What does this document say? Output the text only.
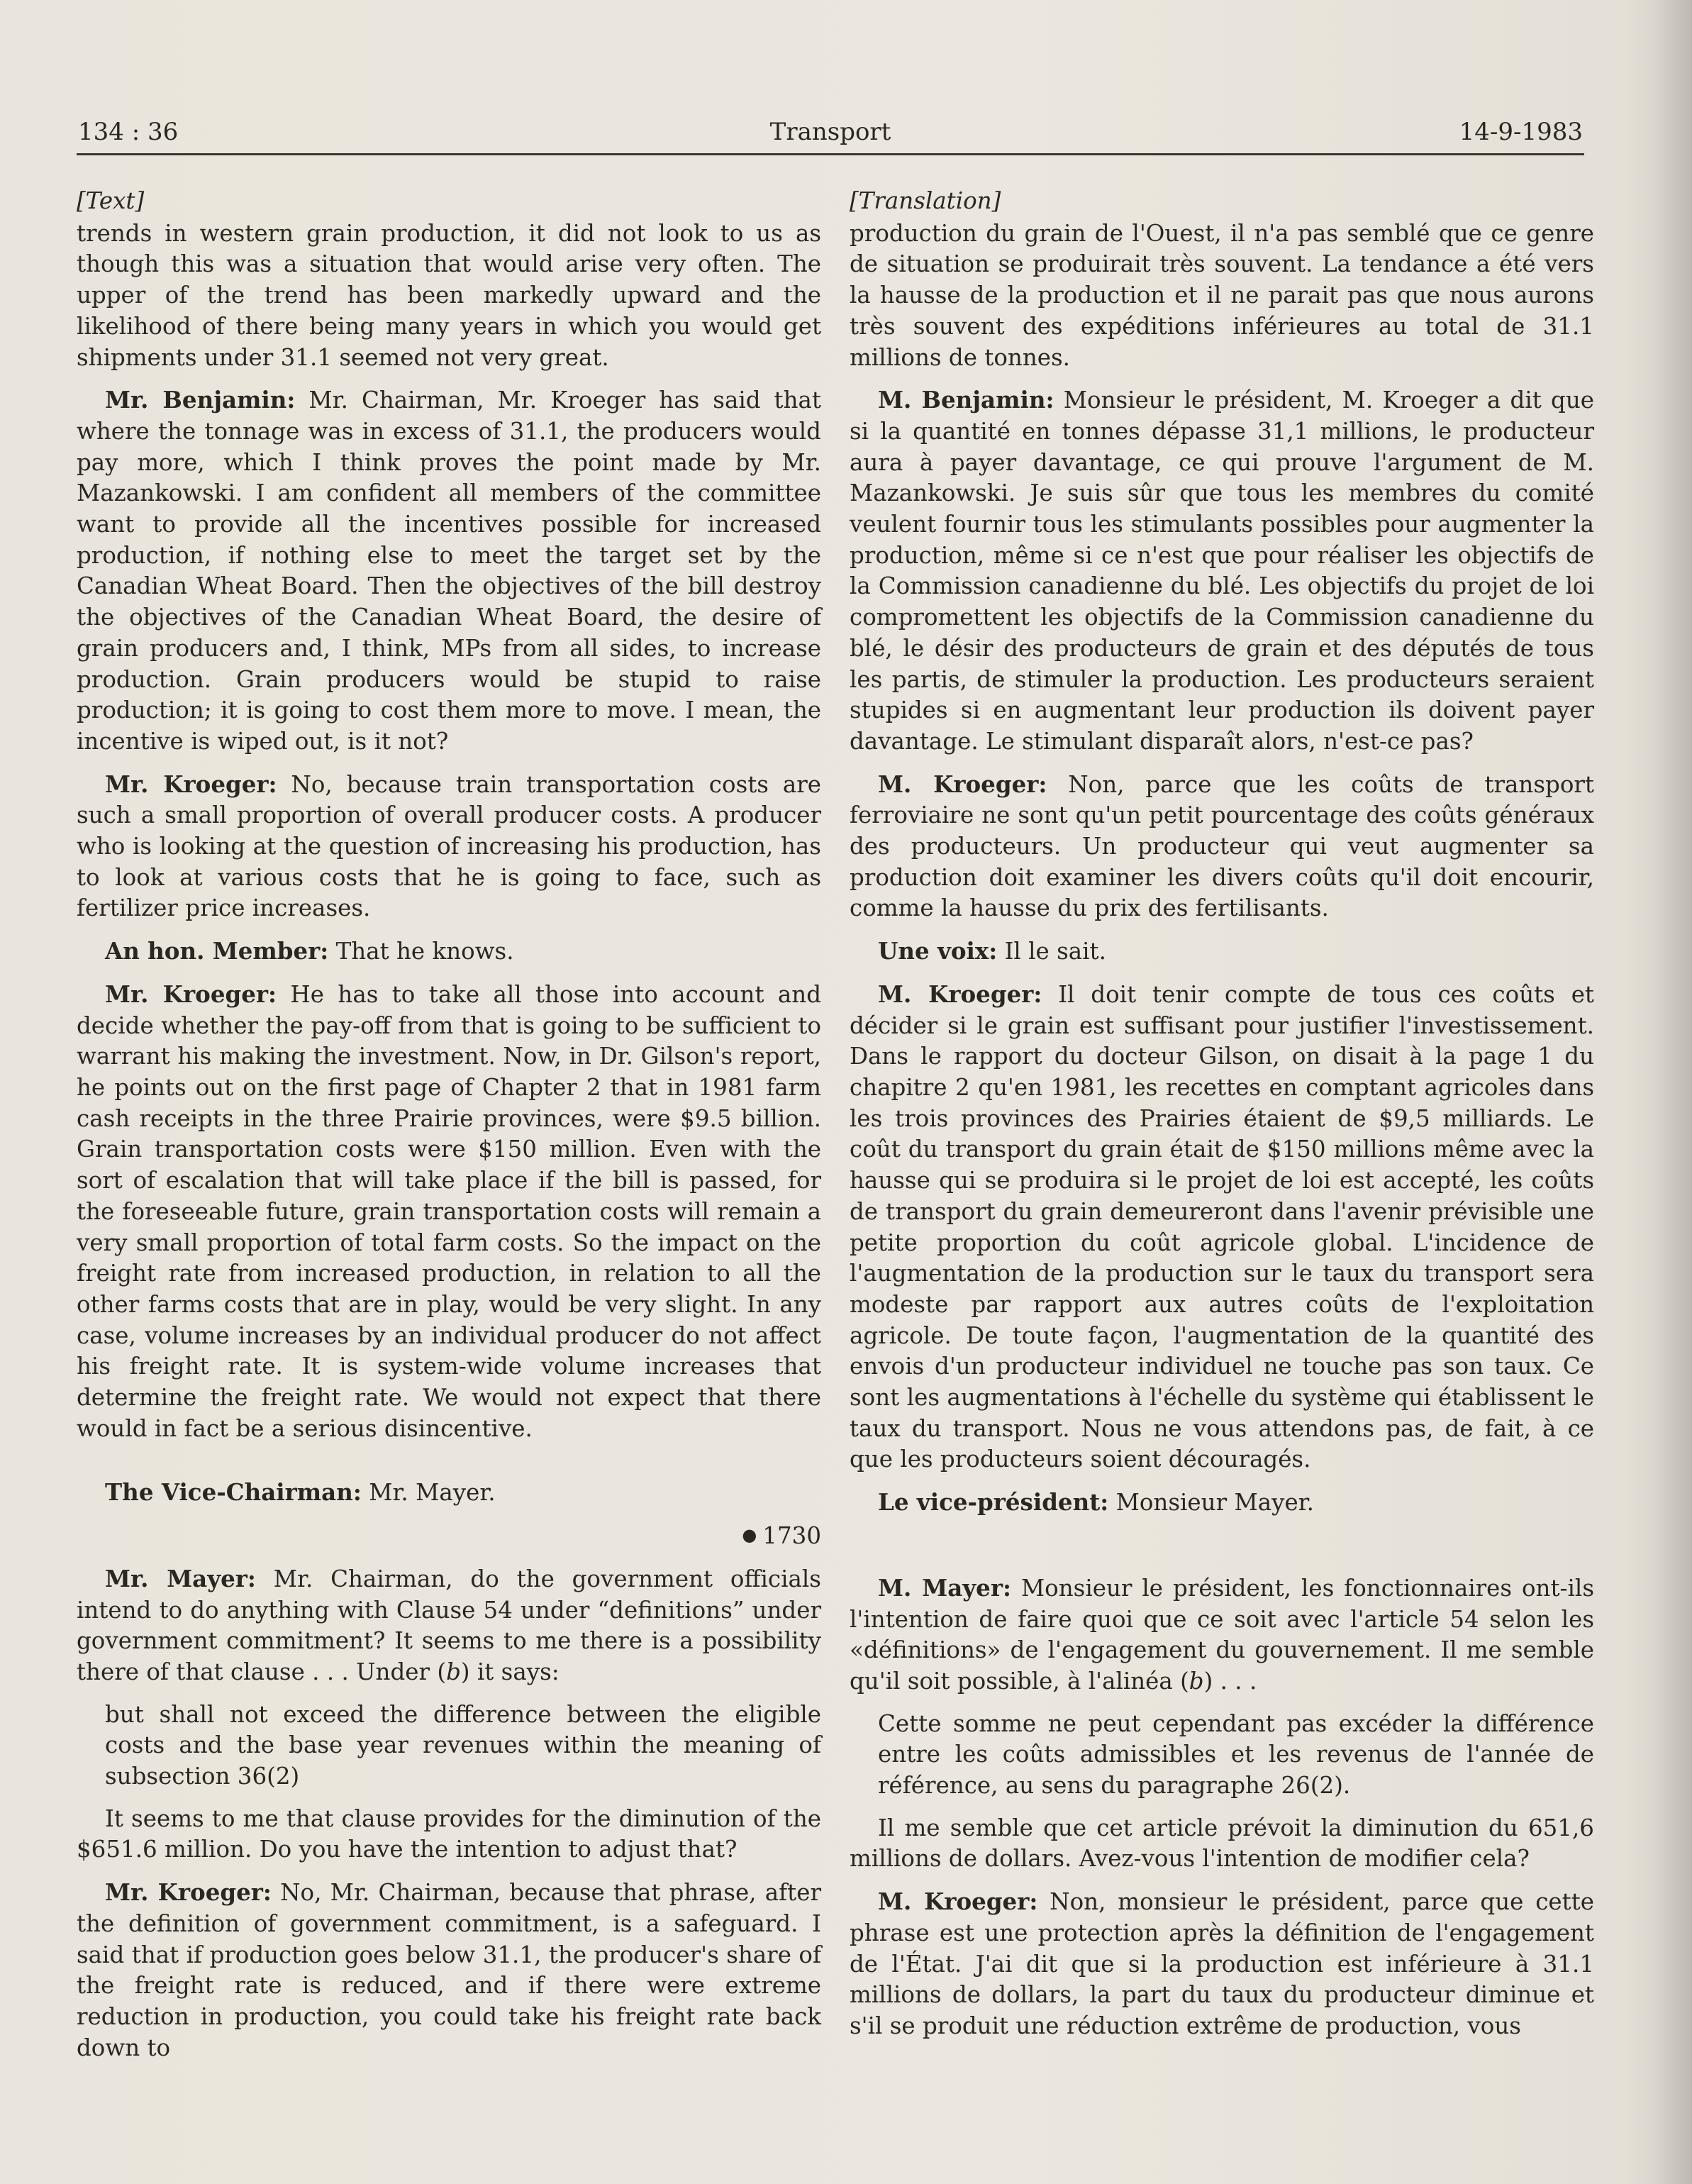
134 : 36	Transport	14-9-1983

[Text]

trends in western grain production, it did not look to us as though this was a situation that would arise very often. The upper of the trend has been markedly upward and the likelihood of there being many years in which you would get shipments under 31.1 seemed not very great.

Mr. Benjamin: Mr. Chairman, Mr. Kroeger has said that where the tonnage was in excess of 31.1, the producers would pay more, which I think proves the point made by Mr. Mazankowski. I am confident all members of the committee want to provide all the incentives possible for increased production, if nothing else to meet the target set by the Canadian Wheat Board. Then the objectives of the bill destroy the objectives of the Canadian Wheat Board, the desire of grain producers and, I think, MPs from all sides, to increase production. Grain producers would be stupid to raise production; it is going to cost them more to move. I mean, the incentive is wiped out, is it not?

Mr. Kroeger: No, because train transportation costs are such a small proportion of overall producer costs. A producer who is looking at the question of increasing his production, has to look at various costs that he is going to face, such as fertilizer price increases.

An hon. Member: That he knows.

Mr. Kroeger: He has to take all those into account and decide whether the pay-off from that is going to be sufficient to warrant his making the investment. Now, in Dr. Gilson's report, he points out on the first page of Chapter 2 that in 1981 farm cash receipts in the three Prairie provinces, were $9.5 billion. Grain transportation costs were $150 million. Even with the sort of escalation that will take place if the bill is passed, for the foreseeable future, grain transportation costs will remain a very small proportion of total farm costs. So the impact on the freight rate from increased production, in relation to all the other farms costs that are in play, would be very slight. In any case, volume increases by an individual producer do not affect his freight rate. It is system-wide volume increases that determine the freight rate. We would not expect that there would in fact be a serious disincentive.

The Vice-Chairman: Mr. Mayer.

● 1730

Mr. Mayer: Mr. Chairman, do the government officials intend to do anything with Clause 54 under “definitions” under government commitment? It seems to me there is a possibility there of that clause . . . Under (b) it says:

but shall not exceed the difference between the eligible costs and the base year revenues within the meaning of subsection 36(2)

It seems to me that clause provides for the diminution of the $651.6 million. Do you have the intention to adjust that?

Mr. Kroeger: No, Mr. Chairman, because that phrase, after the definition of government commitment, is a safeguard. I said that if production goes below 31.1, the producer's share of the freight rate is reduced, and if there were extreme reduction in production, you could take his freight rate back down to

[Translation]

production du grain de l'Ouest, il n'a pas semblé que ce genre de situation se produirait très souvent. La tendance a été vers la hausse de la production et il ne parait pas que nous aurons très souvent des expéditions inférieures au total de 31.1 millions de tonnes.

M. Benjamin: Monsieur le président, M. Kroeger a dit que si la quantité en tonnes dépasse 31,1 millions, le producteur aura à payer davantage, ce qui prouve l'argument de M. Mazankowski. Je suis sûr que tous les membres du comité veulent fournir tous les stimulants possibles pour augmenter la production, même si ce n'est que pour réaliser les objectifs de la Commission canadienne du blé. Les objectifs du projet de loi compromettent les objectifs de la Commission canadienne du blé, le désir des producteurs de grain et des députés de tous les partis, de stimuler la production. Les producteurs seraient stupides si en augmentant leur production ils doivent payer davantage. Le stimulant disparaît alors, n'est-ce pas?

M. Kroeger: Non, parce que les coûts de transport ferroviaire ne sont qu'un petit pourcentage des coûts généraux des producteurs. Un producteur qui veut augmenter sa production doit examiner les divers coûts qu'il doit encourir, comme la hausse du prix des fertilisants.

Une voix: Il le sait.

M. Kroeger: Il doit tenir compte de tous ces coûts et décider si le grain est suffisant pour justifier l'investissement. Dans le rapport du docteur Gilson, on disait à la page 1 du chapitre 2 qu'en 1981, les recettes en comptant agricoles dans les trois provinces des Prairies étaient de $9,5 milliards. Le coût du transport du grain était de $150 millions même avec la hausse qui se produira si le projet de loi est accepté, les coûts de transport du grain demeureront dans l'avenir prévisible une petite proportion du coût agricole global. L'incidence de l'augmentation de la production sur le taux du transport sera modeste par rapport aux autres coûts de l'exploitation agricole. De toute façon, l'augmentation de la quantité des envois d'un producteur individuel ne touche pas son taux. Ce sont les augmentations à l'échelle du système qui établissent le taux du transport. Nous ne vous attendons pas, de fait, à ce que les producteurs soient découragés.

Le vice-président: Monsieur Mayer.

M. Mayer: Monsieur le président, les fonctionnaires ont-ils l'intention de faire quoi que ce soit avec l'article 54 selon les «définitions» de l'engagement du gouvernement. Il me semble qu'il soit possible, à l'alinéa (b) . . .

Cette somme ne peut cependant pas excéder la différence entre les coûts admissibles et les revenus de l'année de référence, au sens du paragraphe 26(2).

Il me semble que cet article prévoit la diminution du 651,6 millions de dollars. Avez-vous l'intention de modifier cela?

M. Kroeger: Non, monsieur le président, parce que cette phrase est une protection après la définition de l'engagement de l'État. J'ai dit que si la production est inférieure à 31.1 millions de dollars, la part du taux du producteur diminue et s'il se produit une réduction extrême de production, vous
